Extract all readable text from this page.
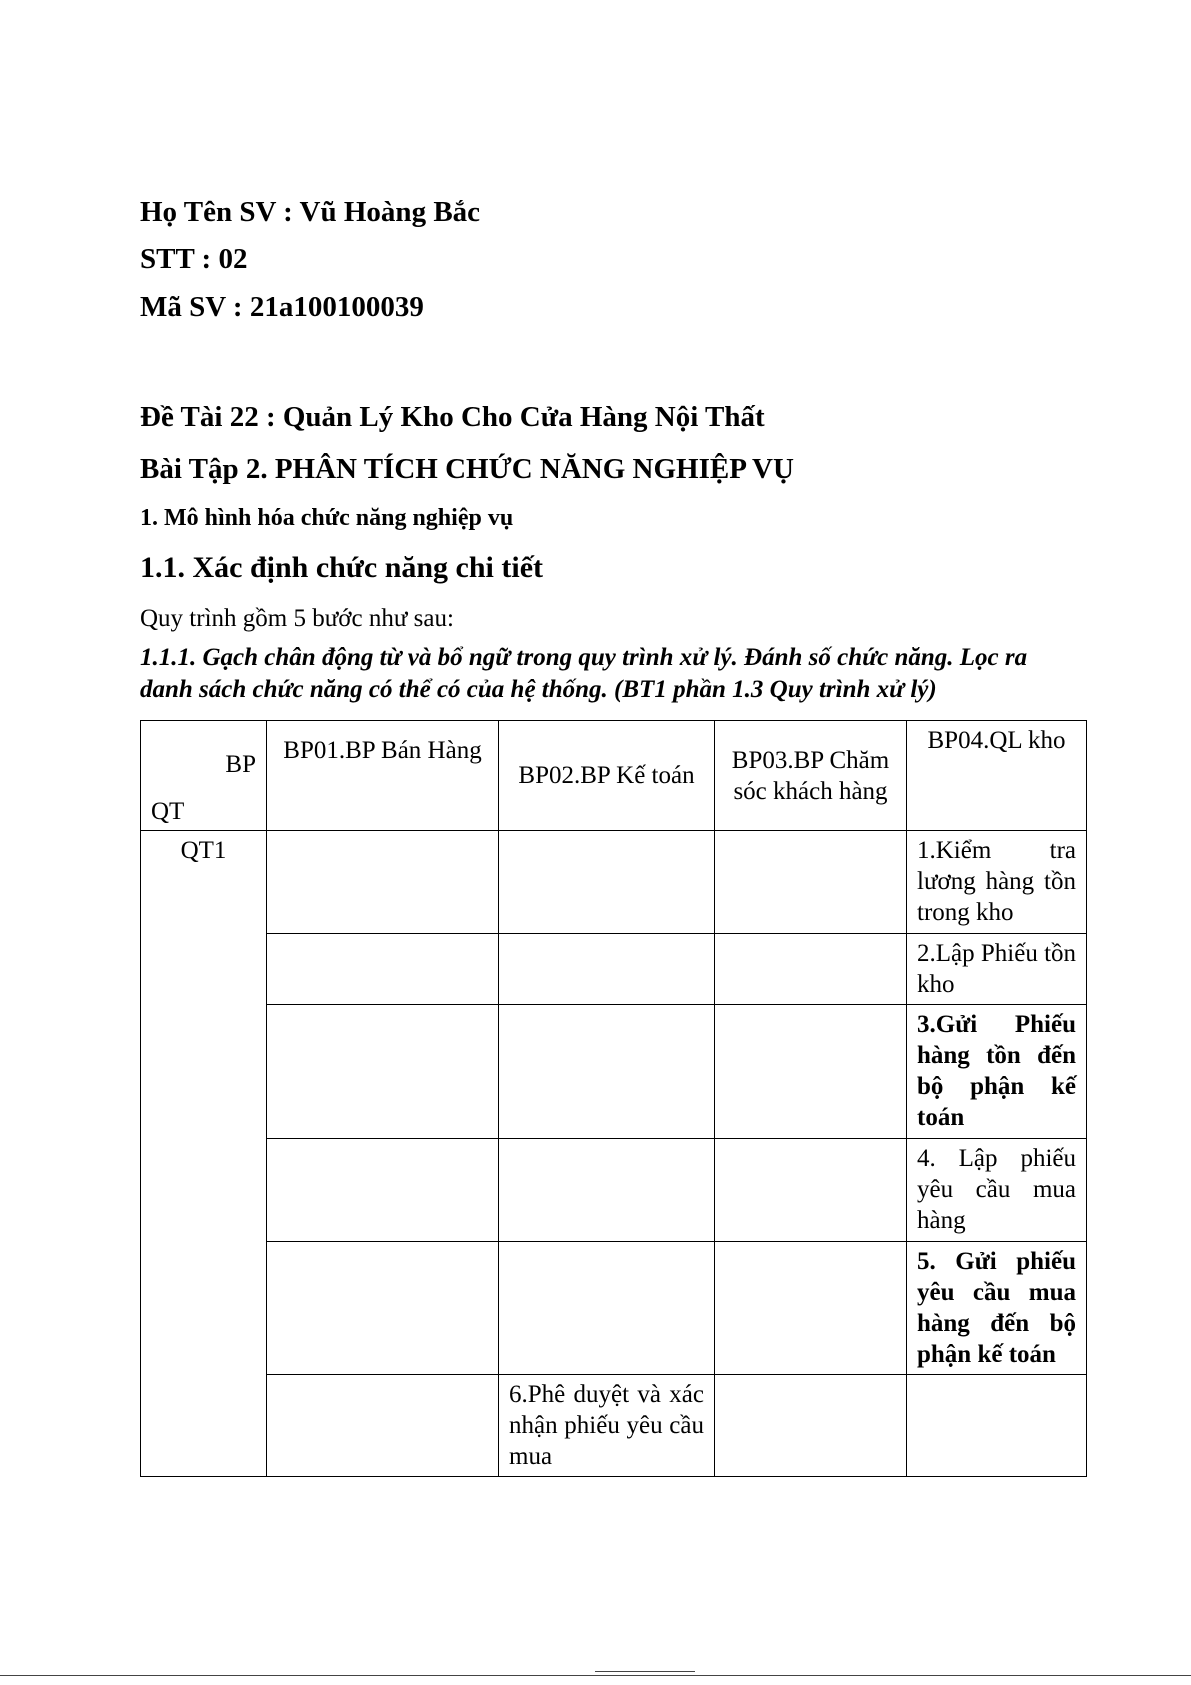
Họ Tên SV : Vũ Hoàng Bắc
STT : 02
Mã SV : 21a100100039
Đề Tài 22 : Quản Lý Kho Cho Cửa Hàng Nội Thất
Bài Tập 2. PHÂN TÍCH CHỨC NĂNG NGHIỆP VỤ
1. Mô hình hóa chức năng nghiệp vụ
1.1. Xác định chức năng chi tiết
Quy trình gồm 5 bước như sau:
1.1.1. Gạch chân động từ và bổ ngữ trong quy trình xử lý. Đánh số chức năng. Lọc ra danh sách chức năng có thể có của hệ thống. (BT1 phần 1.3 Quy trình xử lý)
BP
QT	BP01.BP Bán Hàng	BP02.BP Kế toán	BP03.BP Chăm sóc khách hàng	BP04.QL kho
QT1				1.Kiểm tra lương hàng tồn trong kho
				2.Lập Phiếu tồn kho
				3.Gửi Phiếu hàng tồn đến bộ phận kế toán
				4. Lập phiếu yêu cầu mua hàng
				5. Gửi phiếu yêu cầu mua hàng đến bộ phận kế toán
		6.Phê duyệt và xác nhận phiếu yêu cầu mua		
